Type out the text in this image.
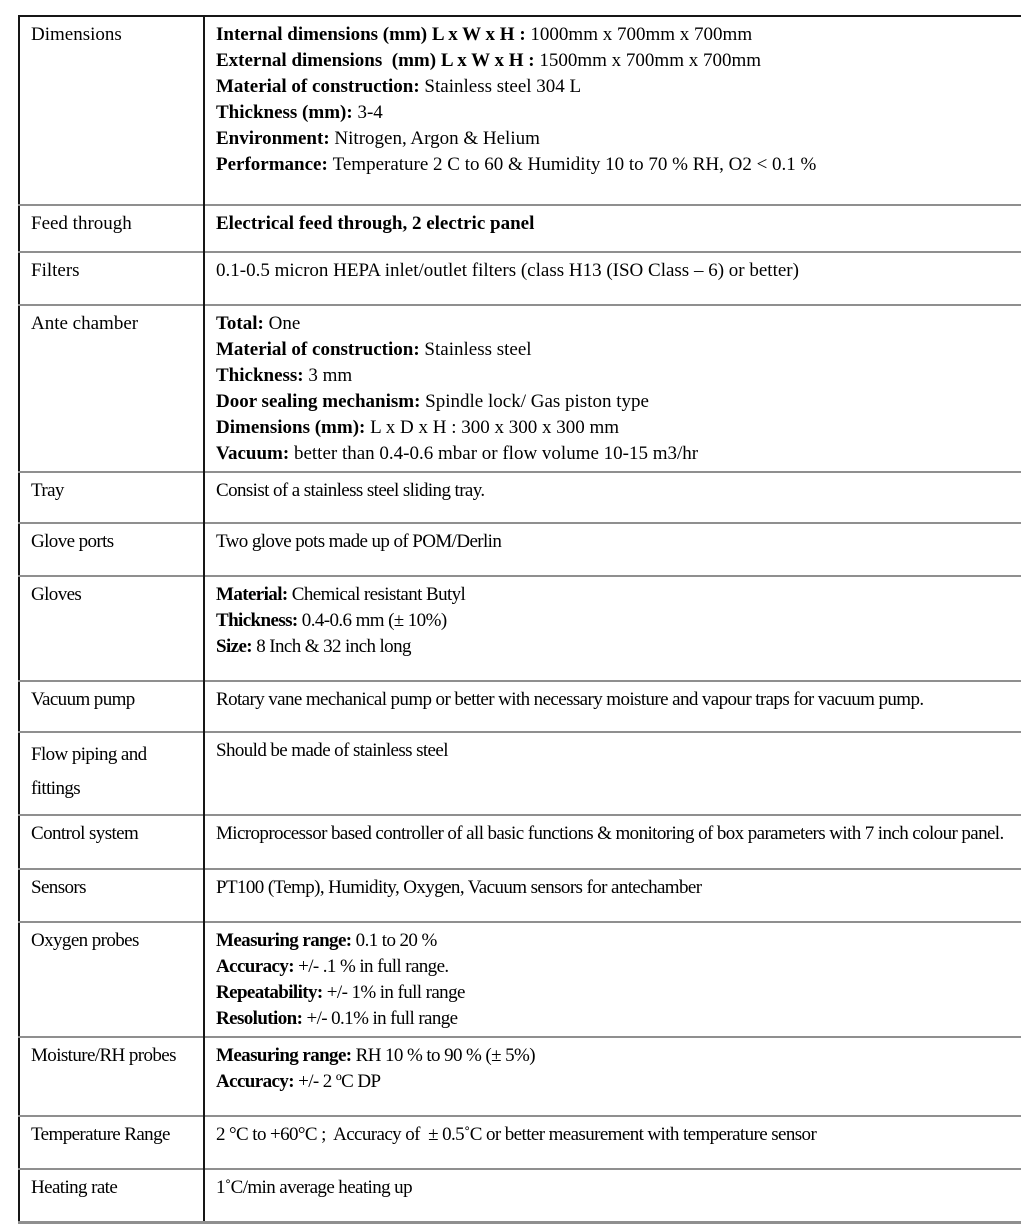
Dimensions	Internal dimensions (mm) L x W x H : 1000mm x 700mm x 700mm
External dimensions  (mm) L x W x H : 1500mm x 700mm x 700mm
Material of construction: Stainless steel 304 L
Thickness (mm): 3-4
Environment: Nitrogen, Argon & Helium
Performance: Temperature 2 C to 60 & Humidity 10 to 70 % RH, O2 < 0.1 %

Feed through	Electrical feed through, 2 electric panel

Filters	0.1-0.5 micron HEPA inlet/outlet filters (class H13 (ISO Class – 6) or better)

Ante chamber	Total: One
Material of construction: Stainless steel
Thickness: 3 mm
Door sealing mechanism: Spindle lock/ Gas piston type
Dimensions (mm): L x D x H : 300 x 300 x 300 mm
Vacuum: better than 0.4-0.6 mbar or flow volume 10-15 m3/hr

Tray	Consist of a stainless steel sliding tray.

Glove ports	Two glove pots made up of POM/Derlin

Gloves	Material: Chemical resistant Butyl
Thickness: 0.4-0.6 mm (± 10%)
Size: 8 Inch & 32 inch long

Vacuum pump	Rotary vane mechanical pump or better with necessary moisture and vapour traps for vacuum pump.

Flow piping and fittings	Should be made of stainless steel

Control system	Microprocessor based controller of all basic functions & monitoring of box parameters with 7 inch colour panel.

Sensors	PT100 (Temp), Humidity, Oxygen, Vacuum sensors for antechamber

Oxygen probes	Measuring range: 0.1 to 20 %
Accuracy: +/- .1 % in full range.
Repeatability: +/- 1% in full range
Resolution: +/- 0.1% in full range

Moisture/RH probes	Measuring range: RH 10 % to 90 % (± 5%)
Accuracy: +/- 2 ºC DP

Temperature Range	2 °C to +60°C ;  Accuracy of  ± 0.5˚C or better measurement with temperature sensor

Heating rate	1˚C/min average heating up
